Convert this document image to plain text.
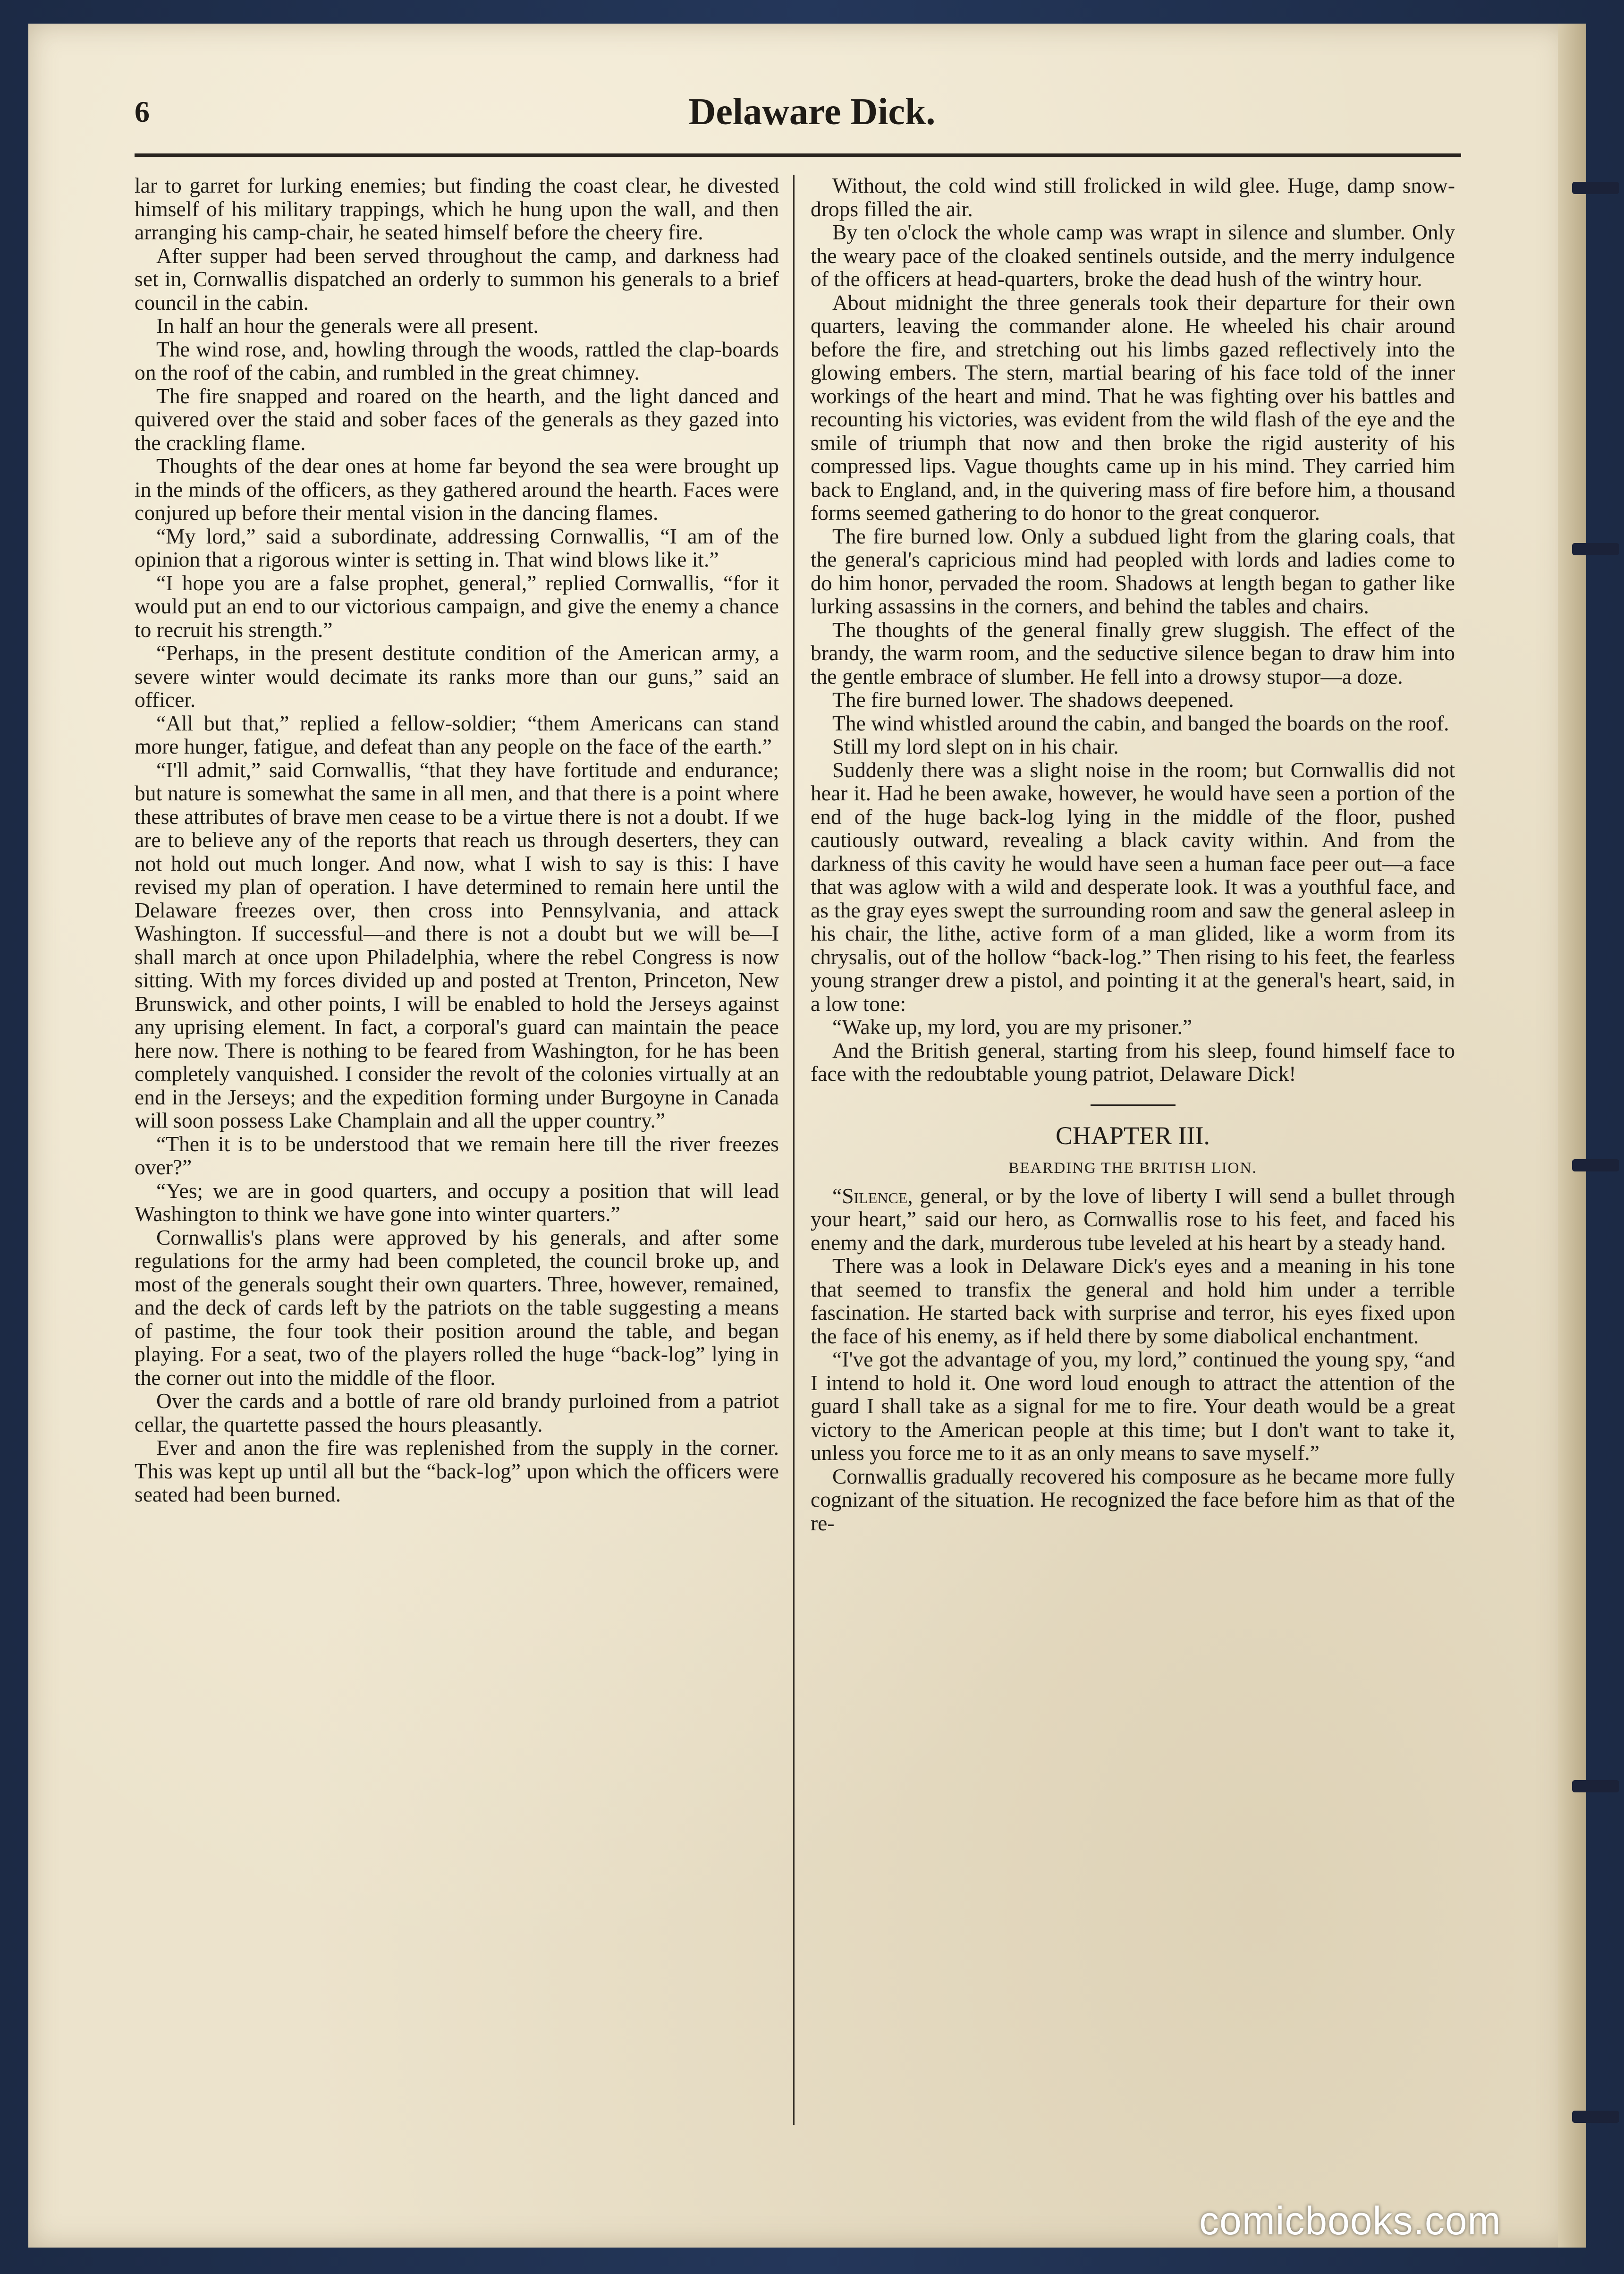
6	Delaware Dick.

lar to garret for lurking enemies; but finding the coast clear, he divested himself of his military trappings, which he hung upon the wall, and then arranging his camp-chair, he seated himself before the cheery fire.

After supper had been served throughout the camp, and darkness had set in, Cornwallis dispatched an orderly to summon his generals to a brief council in the cabin.

In half an hour the generals were all present.

The wind rose, and, howling through the woods, rattled the clap-boards on the roof of the cabin, and rumbled in the great chimney.

The fire snapped and roared on the hearth, and the light danced and quivered over the staid and sober faces of the generals as they gazed into the crackling flame.

Thoughts of the dear ones at home far beyond the sea were brought up in the minds of the officers, as they gathered around the hearth. Faces were conjured up before their mental vision in the dancing flames.

“My lord,” said a subordinate, addressing Cornwallis, “I am of the opinion that a rigorous winter is setting in. That wind blows like it.”

“I hope you are a false prophet, general,” replied Cornwallis, “for it would put an end to our victorious campaign, and give the enemy a chance to recruit his strength.”

“Perhaps, in the present destitute condition of the American army, a severe winter would decimate its ranks more than our guns,” said an officer.

“All but that,” replied a fellow-soldier; “them Americans can stand more hunger, fatigue, and defeat than any people on the face of the earth.”

“I'll admit,” said Cornwallis, “that they have fortitude and endurance; but nature is somewhat the same in all men, and that there is a point where these attributes of brave men cease to be a virtue there is not a doubt. If we are to believe any of the reports that reach us through deserters, they can not hold out much longer. And now, what I wish to say is this: I have revised my plan of operation. I have determined to remain here until the Delaware freezes over, then cross into Pennsylvania, and attack Washington. If successful—and there is not a doubt but we will be—I shall march at once upon Philadelphia, where the rebel Congress is now sitting. With my forces divided up and posted at Trenton, Princeton, New Brunswick, and other points, I will be enabled to hold the Jerseys against any uprising element. In fact, a corporal's guard can maintain the peace here now. There is nothing to be feared from Washington, for he has been completely vanquished. I consider the revolt of the colonies virtually at an end in the Jerseys; and the expedition forming under Burgoyne in Canada will soon possess Lake Champlain and all the upper country.”

“Then it is to be understood that we remain here till the river freezes over?”

“Yes; we are in good quarters, and occupy a position that will lead Washington to think we have gone into winter quarters.”

Cornwallis's plans were approved by his generals, and after some regulations for the army had been completed, the council broke up, and most of the generals sought their own quarters. Three, however, remained, and the deck of cards left by the patriots on the table suggesting a means of pastime, the four took their position around the table, and began playing. For a seat, two of the players rolled the huge “back-log” lying in the corner out into the middle of the floor.

Over the cards and a bottle of rare old brandy purloined from a patriot cellar, the quartette passed the hours pleasantly.

Ever and anon the fire was replenished from the supply in the corner. This was kept up until all but the “back-log” upon which the officers were seated had been burned.

Without, the cold wind still frolicked in wild glee. Huge, damp snow-drops filled the air.

By ten o'clock the whole camp was wrapt in silence and slumber. Only the weary pace of the cloaked sentinels outside, and the merry indulgence of the officers at head-quarters, broke the dead hush of the wintry hour.

About midnight the three generals took their departure for their own quarters, leaving the commander alone. He wheeled his chair around before the fire, and stretching out his limbs gazed reflectively into the glowing embers. The stern, martial bearing of his face told of the inner workings of the heart and mind. That he was fighting over his battles and recounting his victories, was evident from the wild flash of the eye and the smile of triumph that now and then broke the rigid austerity of his compressed lips. Vague thoughts came up in his mind. They carried him back to England, and, in the quivering mass of fire before him, a thousand forms seemed gathering to do honor to the great conqueror.

The fire burned low. Only a subdued light from the glaring coals, that the general's capricious mind had peopled with lords and ladies come to do him honor, pervaded the room. Shadows at length began to gather like lurking assassins in the corners, and behind the tables and chairs.

The thoughts of the general finally grew sluggish. The effect of the brandy, the warm room, and the seductive silence began to draw him into the gentle embrace of slumber. He fell into a drowsy stupor—a doze.

The fire burned lower. The shadows deepened.

The wind whistled around the cabin, and banged the boards on the roof.

Still my lord slept on in his chair.

Suddenly there was a slight noise in the room; but Cornwallis did not hear it. Had he been awake, however, he would have seen a portion of the end of the huge back-log lying in the middle of the floor, pushed cautiously outward, revealing a black cavity within. And from the darkness of this cavity he would have seen a human face peer out—a face that was aglow with a wild and desperate look. It was a youthful face, and as the gray eyes swept the surrounding room and saw the general asleep in his chair, the lithe, active form of a man glided, like a worm from its chrysalis, out of the hollow “back-log.” Then rising to his feet, the fearless young stranger drew a pistol, and pointing it at the general's heart, said, in a low tone:

“Wake up, my lord, you are my prisoner.”

And the British general, starting from his sleep, found himself face to face with the redoubtable young patriot, Delaware Dick!

CHAPTER III.
BEARDING THE BRITISH LION.

“Silence, general, or by the love of liberty I will send a bullet through your heart,” said our hero, as Cornwallis rose to his feet, and faced his enemy and the dark, murderous tube leveled at his heart by a steady hand.

There was a look in Delaware Dick's eyes and a meaning in his tone that seemed to transfix the general and hold him under a terrible fascination. He started back with surprise and terror, his eyes fixed upon the face of his enemy, as if held there by some diabolical enchantment.

“I've got the advantage of you, my lord,” continued the young spy, “and I intend to hold it. One word loud enough to attract the attention of the guard I shall take as a signal for me to fire. Your death would be a great victory to the American people at this time; but I don't want to take it, unless you force me to it as an only means to save myself.”

Cornwallis gradually recovered his composure as he became more fully cognizant of the situation. He recognized the face before him as that of the re-

comicbooks.com
